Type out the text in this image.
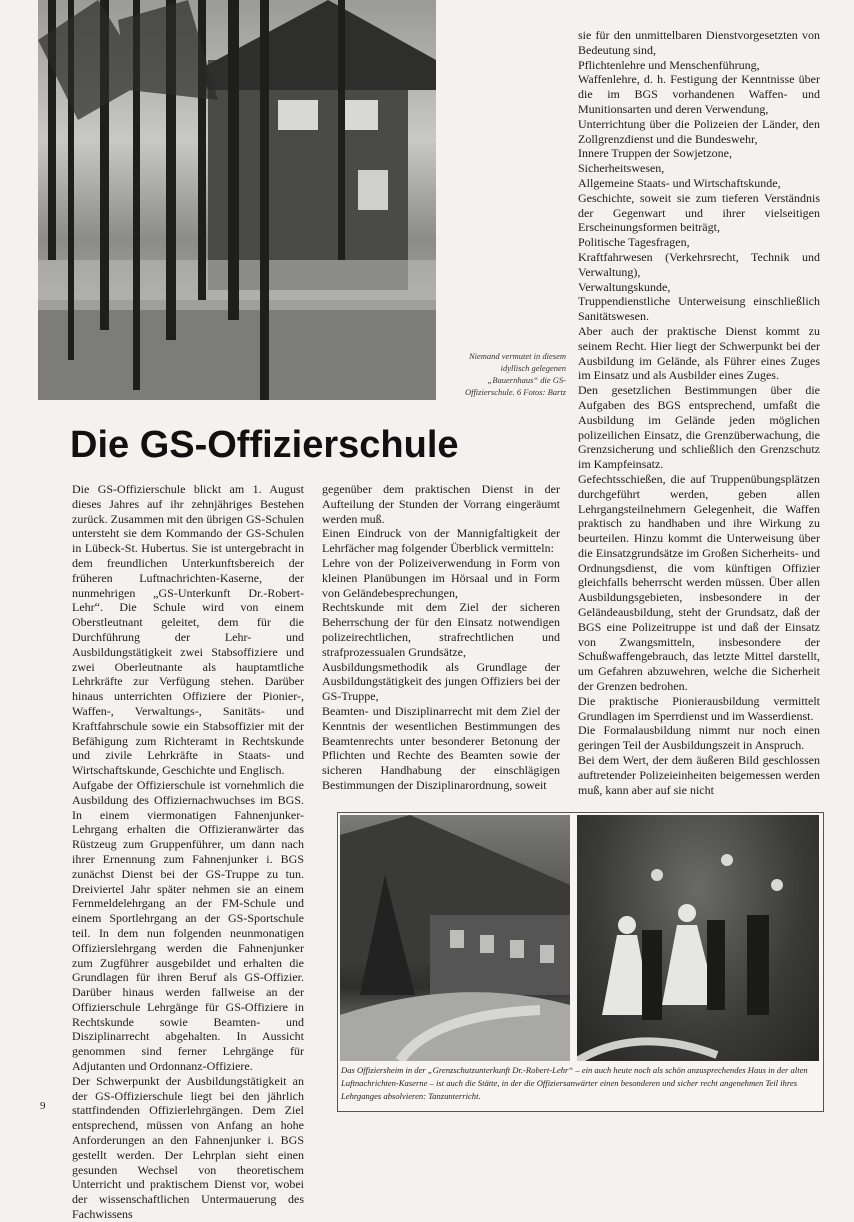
Niemand vermutet in diesem idyllisch gelegenen „Bauernhaus“ die GS-Offizierschule. 6 Fotos: Bartz
Die GS-Offizierschule

Die GS-Offizierschule blickt am 1. August dieses Jahres auf ihr zehnjähriges Bestehen zurück. Zusammen mit den übrigen GS-Schulen untersteht sie dem Kommando der GS-Schulen in Lübeck-St. Hubertus. Sie ist untergebracht in dem freundlichen Unterkunftsbereich der früheren Luftnachrichten-Kaserne, der nunmehrigen „GS-Unterkunft Dr.-Robert-Lehr“. Die Schule wird von einem Oberstleutnant geleitet, dem für die Durchführung der Lehr- und Ausbildungstätigkeit zwei Stabsoffiziere und zwei Oberleutnante als hauptamtliche Lehrkräfte zur Verfügung stehen. Darüber hinaus unterrichten Offiziere der Pionier-, Waffen-, Verwaltungs-, Sanitäts- und Kraftfahrschule sowie ein Stabsoffizier mit der Befähigung zum Richteramt in Rechtskunde und zivile Lehrkräfte in Staats- und Wirtschaftskunde, Geschichte und Englisch.

Aufgabe der Offizierschule ist vornehmlich die Ausbildung des Offiziernachwuchses im BGS. In einem viermonatigen Fahnenjunker-Lehrgang erhalten die Offizieranwärter das Rüstzeug zum Gruppenführer, um dann nach ihrer Ernennung zum Fahnenjunker i. BGS zunächst Dienst bei der GS-Truppe zu tun. Dreiviertel Jahr später nehmen sie an einem Fernmeldelehrgang an der FM-Schule und einem Sportlehrgang an der GS-Sportschule teil. In dem nun folgenden neunmonatigen Offizierslehrgang werden die Fahnenjunker zum Zugführer ausgebildet und erhalten die Grundlagen für ihren Beruf als GS-Offizier. Darüber hinaus werden fallweise an der Offizierschule Lehrgänge für GS-Offiziere in Rechtskunde sowie Beamten- und Disziplinarrecht abgehalten. In Aussicht genommen sind ferner Lehrgänge für Adjutanten und Ordonnanz-Offiziere.

Der Schwerpunkt der Ausbildungstätigkeit an der GS-Offizierschule liegt bei den jährlich stattfindenden Offizierlehrgängen. Dem Ziel entsprechend, müssen von Anfang an hohe Anforderungen an den Fahnenjunker i. BGS gestellt werden. Der Lehrplan sieht einen gesunden Wechsel von theoretischem Unterricht und praktischem Dienst vor, wobei der wissenschaftlichen Untermauerung des Fachwissens

gegenüber dem praktischen Dienst in der Aufteilung der Stunden der Vorrang eingeräumt werden muß.

Einen Eindruck von der Mannigfaltigkeit der Lehrfächer mag folgender Überblick vermitteln:

Lehre von der Polizeiverwendung in Form von kleinen Planübungen im Hörsaal und in Form von Geländebesprechungen,

Rechtskunde mit dem Ziel der sicheren Beherrschung der für den Einsatz notwendigen polizeirechtlichen, strafrechtlichen und strafprozessualen Grundsätze,

Ausbildungsmethodik als Grundlage der Ausbildungstätigkeit des jungen Offiziers bei der GS-Truppe,

Beamten- und Disziplinarrecht mit dem Ziel der Kenntnis der wesentlichen Bestimmungen des Beamtenrechts unter besonderer Betonung der Pflichten und Rechte des Beamten sowie der sicheren Handhabung der einschlägigen Bestimmungen der Disziplinarordnung, soweit

sie für den unmittelbaren Dienstvorgesetzten von Bedeutung sind,

Pflichtenlehre und Menschenführung,

Waffenlehre, d. h. Festigung der Kenntnisse über die im BGS vorhandenen Waffen- und Munitionsarten und deren Verwendung,

Unterrichtung über die Polizeien der Länder, den Zollgrenzdienst und die Bundeswehr,

Innere Truppen der Sowjetzone,

Sicherheitswesen,

Allgemeine Staats- und Wirtschaftskunde,

Geschichte, soweit sie zum tieferen Verständnis der Gegenwart und ihrer vielseitigen Erscheinungsformen beiträgt,

Politische Tagesfragen,

Kraftfahrwesen (Verkehrsrecht, Technik und Verwaltung),

Verwaltungskunde,

Truppendienstliche Unterweisung einschließlich Sanitätswesen.

Aber auch der praktische Dienst kommt zu seinem Recht. Hier liegt der Schwerpunkt bei der Ausbildung im Gelände, als Führer eines Zuges im Einsatz und als Ausbilder eines Zuges.

Den gesetzlichen Bestimmungen über die Aufgaben des BGS entsprechend, umfaßt die Ausbildung im Gelände jeden möglichen polizeilichen Einsatz, die Grenzüberwachung, die Grenzsicherung und schließlich den Grenzschutz im Kampfeinsatz.

Gefechtsschießen, die auf Truppenübungsplätzen durchgeführt werden, geben allen Lehrgangsteilnehmern Gelegenheit, die Waffen praktisch zu handhaben und ihre Wirkung zu beurteilen. Hinzu kommt die Unterweisung über die Einsatzgrundsätze im Großen Sicherheits- und Ordnungsdienst, die vom künftigen Offizier gleichfalls beherrscht werden müssen. Über allen Ausbildungsgebieten, insbesondere in der Geländeausbildung, steht der Grundsatz, daß der BGS eine Polizeitruppe ist und daß der Einsatz von Zwangsmitteln, insbesondere der Schußwaffengebrauch, das letzte Mittel darstellt, um Gefahren abzuwehren, welche die Sicherheit der Grenzen bedrohen.

Die praktische Pionierausbildung vermittelt Grundlagen im Sperrdienst und im Wasserdienst.

Die Formalausbildung nimmt nur noch einen geringen Teil der Ausbildungszeit in Anspruch.

Bei dem Wert, der dem äußeren Bild geschlossen auftretender Polizeieinheiten beigemessen werden muß, kann aber auf sie nicht

Das Offiziersheim in der „Grenzschutzunterkunft Dr.-Robert-Lehr“ – ein auch heute noch als schön anzusprechendes Haus in der alten Luftnachrichten-Kaserne – ist auch die Stätte, in der die Offiziersanwärter einen besonderen und sicher recht angenehmen Teil ihres Lehrganges absolvieren: Tanzunterricht.
9
